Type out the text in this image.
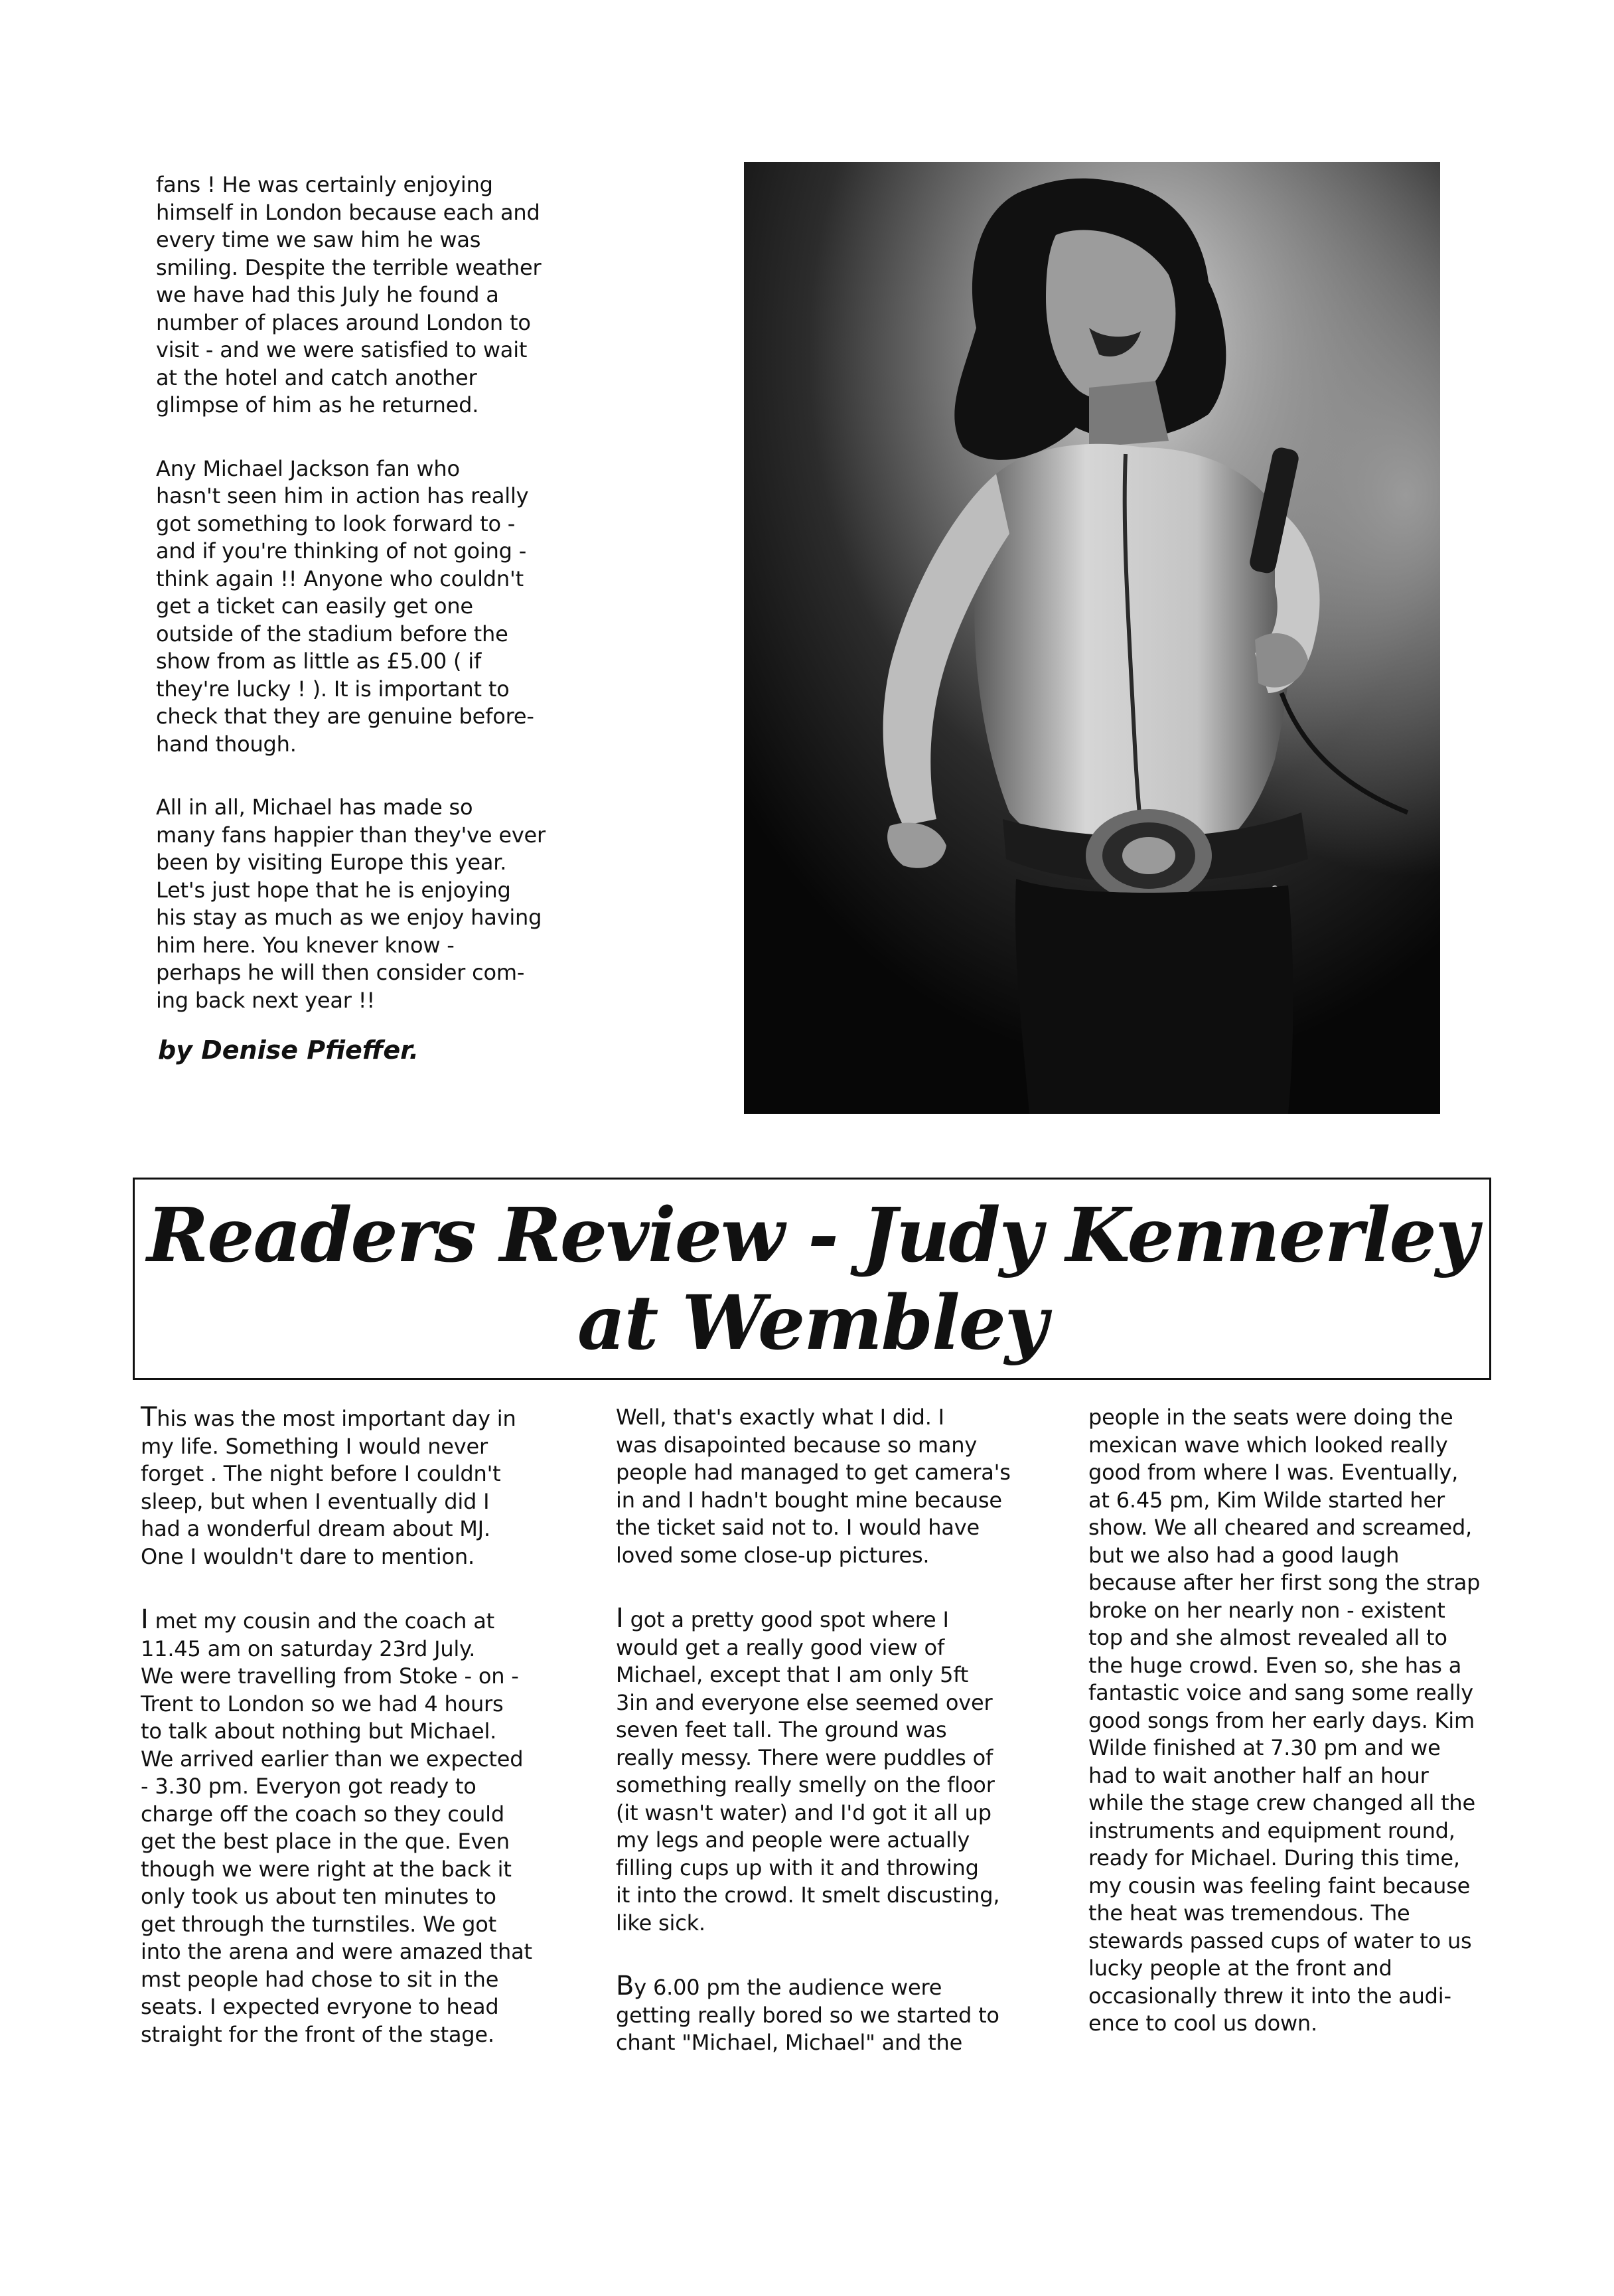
fans ! He was certainly enjoying
himself in London because each and
every time we saw him he was
smiling. Despite the terrible weather
we have had this July he found a
number of places around London to
visit - and we were satisfied to wait
at the hotel and catch another
glimpse of him as he returned.

Any Michael Jackson fan who
hasn't seen him in action has really
got something to look forward to -
and if you're thinking of not going -
think again !! Anyone who couldn't
get a ticket can easily get one
outside of the stadium before the
show from as little as £5.00 ( if
they're lucky ! ). It is important to
check that they are genuine before-
hand though.

All in all, Michael has made so
many fans happier than they've ever
been by visiting Europe this year.
Let's just hope that he is enjoying
his stay as much as we enjoy having
him here. You knever know -
perhaps he will then consider com-
ing back next year !!

by Denise Pfieffer.
Readers Review - Judy Kennerley
at Wembley

This was the most important day in
my life. Something I would never
forget . The night before I couldn't
sleep, but when I eventually did I
had a wonderful dream about MJ.
One I wouldn't dare to mention.

I met my cousin and the coach at
11.45 am on saturday 23rd July.
We were travelling from Stoke - on -
Trent to London so we had 4 hours
to talk about nothing but Michael.
We arrived earlier than we expected
- 3.30 pm. Everyon got ready to
charge off the coach so they could
get the best place in the que. Even
though we were right at the back it
only took us about ten minutes to
get through the turnstiles. We got
into the arena and were amazed that
mst people had chose to sit in the
seats. I expected evryone to head
straight for the front of the stage.

Well, that's exactly what I did. I
was disapointed because so many
people had managed to get camera's
in and I hadn't bought mine because
the ticket said not to. I would have
loved some close-up pictures.

I got a pretty good spot where I
would get a really good view of
Michael, except that I am only 5ft
3in and everyone else seemed over
seven feet tall. The ground was
really messy. There were puddles of
something really smelly on the floor
(it wasn't water) and I'd got it all up
my legs and people were actually
filling cups up with it and throwing
it into the crowd. It smelt discusting,
like sick.

By 6.00 pm the audience were
getting really bored so we started to
chant "Michael, Michael" and the

people in the seats were doing the
mexican wave which looked really
good from where I was. Eventually,
at 6.45 pm, Kim Wilde started her
show. We all cheared and screamed,
but we also had a good laugh
because after her first song the strap
broke on her nearly non - existent
top and she almost revealed all to
the huge crowd. Even so, she has a
fantastic voice and sang some really
good songs from her early days. Kim
Wilde finished at 7.30 pm and we
had to wait another half an hour
while the stage crew changed all the
instruments and equipment round,
ready for Michael. During this time,
my cousin was feeling faint because
the heat was tremendous. The
stewards passed cups of water to us
lucky people at the front and
occasionally threw it into the audi-
ence to cool us down.
